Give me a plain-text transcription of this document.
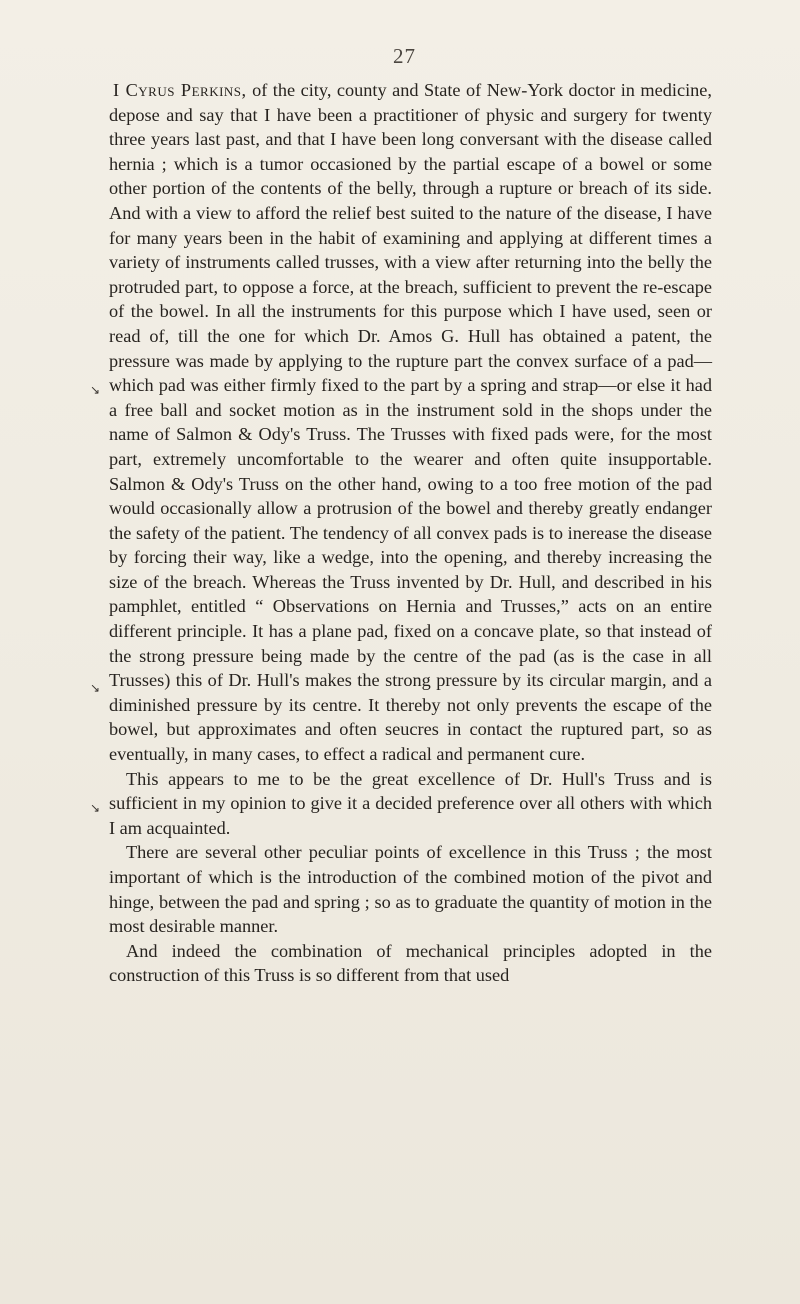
27
↘
↘
↘

I Cyrus Perkins, of the city, county and State of New-York doctor in medicine, depose and say that I have been a practitioner of physic and surgery for twenty three years last past, and that I have been long conversant with the disease called hernia ; which is a tumor occasioned by the partial escape of a bowel or some other portion of the contents of the belly, through a rupture or breach of its side. And with a view to afford the relief best suited to the nature of the disease, I have for many years been in the habit of examining and applying at different times a variety of instruments called trusses, with a view after returning into the belly the protruded part, to oppose a force, at the breach, sufficient to prevent the re-escape of the bowel. In all the instruments for this purpose which I have used, seen or read of, till the one for which Dr. Amos G. Hull has obtained a patent, the pressure was made by applying to the rupture part the convex surface of a pad—which pad was either firmly fixed to the part by a spring and strap—or else it had a free ball and socket motion as in the instrument sold in the shops under the name of Salmon & Ody's Truss. The Trusses with fixed pads were, for the most part, extremely uncomfortable to the wearer and often quite insupportable. Salmon & Ody's Truss on the other hand, owing to a too free motion of the pad would occasionally allow a protrusion of the bowel and thereby greatly endanger the safety of the patient. The tendency of all convex pads is to inerease the disease by forcing their way, like a wedge, into the opening, and thereby increasing the size of the breach. Whereas the Truss invented by Dr. Hull, and described in his pamphlet, entitled “ Observations on Hernia and Trusses,” acts on an entire different principle. It has a plane pad, fixed on a concave plate, so that instead of the strong pressure being made by the centre of the pad (as is the case in all Trusses) this of Dr. Hull's makes the strong pressure by its circular margin, and a diminished pressure by its centre. It thereby not only prevents the escape of the bowel, but approximates and often seucres in contact the ruptured part, so as eventually, in many cases, to effect a radical and permanent cure.

This appears to me to be the great excellence of Dr. Hull's Truss and is sufficient in my opinion to give it a decided preference over all others with which I am acquainted.

There are several other peculiar points of excellence in this Truss ; the most important of which is the introduction of the combined motion of the pivot and hinge, between the pad and spring ; so as to graduate the quantity of motion in the most desirable manner.

And indeed the combination of mechanical principles adopted in the construction of this Truss is so different from that used
